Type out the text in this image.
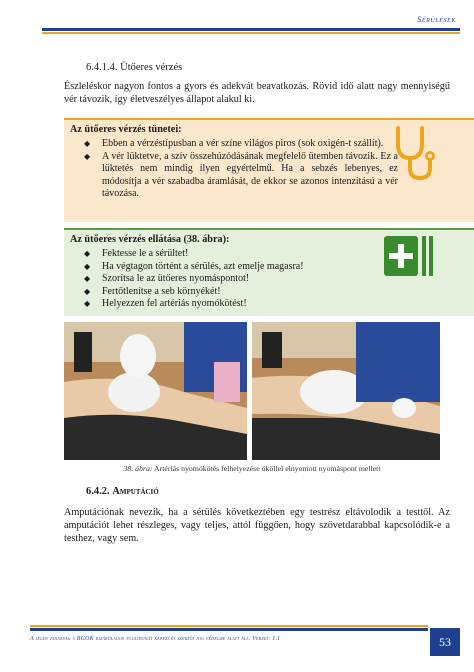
Sérülések
6.4.1.4. Ütőeres vérzés
Észleléskor nagyon fontos a gyors és adekvát beavatkozás. Rövid idő alatt nagy mennyiségű vér távozik, így életveszélyes állapot alakul ki.
Az ütőeres vérzés tünetei:
◆ Ebben a vérzéstípusban a vér színe világos piros (sok oxigén-t szállít).
◆ A vér lüktetve, a szív összehúzódásának megfelelő ütemben távozik. Ez a lüktetés nem mindig ilyen egyértelmű. Ha a sebzés lebenyes, ez módosítja a vér szabadba áramlását, de ekkor se azonos intenzitású a vér távozása.
Az ütőeres vérzés ellátása (38. ábra):
◆ Fektesse le a sérültet!
◆ Ha végtagon történt a sérülés, azt emelje magasra!
◆ Szorítsa le az ütőeres nyomáspontot!
◆ Fertőtlenítse a seb környékét!
◆ Helyezzen fel artériás nyomókötést!
38. ábra: Artériás nyomókötés felhelyezése ököllel elnyomott nyomáspont mellett
6.4.2. Amputáció
Amputációnak nevezik, ha a sérülés következtében egy testrész eltávolodik a testtől. Az amputációt lehet részleges, vagy teljes, attól függően, hogy szövetdarabbal kapcsolódik-e a testhez, vagy sem.
A jelen tananyag a BGOK kizárólagos tulajdonát képezi és szerzői jog védelme alatt áll. Verzió: 1.1	53
